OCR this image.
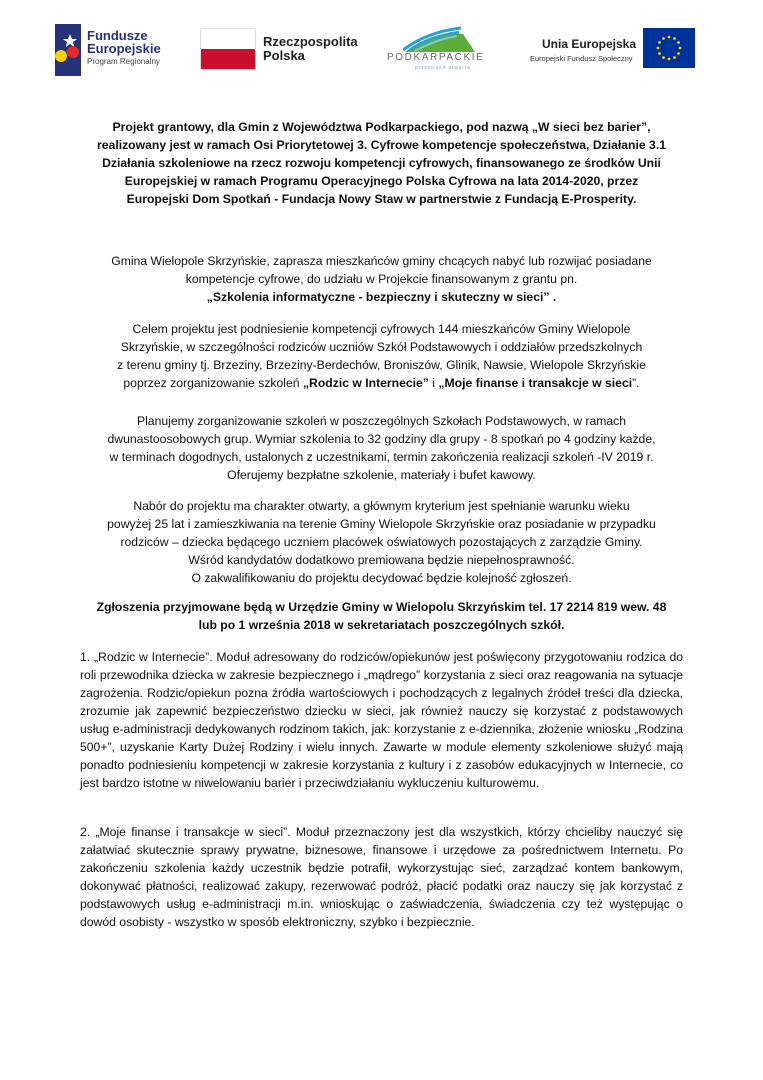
Fundusze
Europejskie
Program Regionalny
Rzeczpospolita
Polska	PODKARPACKIE
przestrzeń otwarta
Unia Europejska
Europejski Fundusz Społeczny

Projekt grantowy, dla Gmin z Województwa Podkarpackiego, pod nazwą „W sieci bez barier”,

realizowany jest w ramach Osi Priorytetowej 3. Cyfrowe kompetencje społeczeństwa, Działanie 3.1

Działania szkoleniowe na rzecz rozwoju kompetencji cyfrowych, finansowanego ze środków Unii

Europejskiej w ramach Programu Operacyjnego Polska Cyfrowa na lata 2014-2020, przez

Europejski Dom Spotkań - Fundacja Nowy Staw w partnerstwie z Fundacją E-Prosperity.

Gmina Wielopole Skrzyńskie, zaprasza mieszkańców gminy chcących nabyć lub rozwijać posiadane

kompetencje cyfrowe, do udziału w Projekcie finansowanym z grantu pn.

„Szkolenia informatyczne - bezpieczny i skuteczny w sieci” .

Celem projektu jest podniesienie kompetencji cyfrowych 144 mieszkańców Gminy Wielopole

Skrzyńskie, w szczególności rodziców uczniów Szkół Podstawowych i oddziałów przedszkolnych

z terenu gminy tj. Brzeziny, Brzeziny-Berdechów, Broniszów, Glinik, Nawsie, Wielopole Skrzyńskie

poprzez zorganizowanie szkoleń „Rodzic w Internecie” i „Moje finanse i transakcje w sieci”.

Planujemy zorganizowanie szkoleń w poszczególnych Szkołach Podstawowych, w ramach

dwunastoosobowych grup. Wymiar szkolenia to 32 godziny dla grupy - 8 spotkań po 4 godziny każde,

w terminach dogodnych, ustalonych z uczestnikami, termin zakończenia realizacji szkoleń -IV 2019 r.

Oferujemy bezpłatne szkolenie, materiały i bufet kawowy.

Nabór do projektu ma charakter otwarty, a głównym kryterium jest spełnianie warunku wieku

powyżej 25 lat i zamieszkiwania na terenie Gminy Wielopole Skrzyńskie oraz posiadanie w przypadku

rodziców – dziecka będącego uczniem placówek oświatowych pozostających z zarządzie Gminy.

Wśród kandydatów dodatkowo premiowana będzie niepełnosprawność.

O zakwalifikowaniu do projektu decydować będzie kolejność zgłoszeń.

Zgłoszenia przyjmowane będą w Urzędzie Gminy w Wielopolu Skrzyńskim tel. 17 2214 819 wew. 48

lub po 1 września 2018 w sekretariatach poszczególnych szkół.

1. „Rodzic w Internecie”. Moduł adresowany do rodziców/opiekunów jest poświęcony przygotowaniu rodzica do roli przewodnika dziecka w zakresie bezpiecznego i „mądrego” korzystania z sieci oraz reagowania na sytuacje zagrożenia. Rodzic/opiekun pozna źródła wartościowych i pochodzących z legalnych źródeł treści dla dziecka, zrozumie jak zapewnić bezpieczeństwo dziecku w sieci, jak również nauczy się korzystać z podstawowych usług e-administracji dedykowanych rodzinom takich, jak: korzystanie z e-dziennika, złożenie wniosku „Rodzina 500+”, uzyskanie Karty Dużej Rodziny i wielu innych. Zawarte w module elementy szkoleniowe służyć mają ponadto podniesieniu kompetencji w zakresie korzystania z kultury i z zasobów edukacyjnych w Internecie, co jest bardzo istotne w niwelowaniu barier i przeciwdziałaniu wykluczeniu kulturowemu.

2. „Moje finanse i transakcje w sieci”. Moduł przeznaczony jest dla wszystkich, którzy chcieliby nauczyć się załatwiać skutecznie sprawy prywatne, biznesowe, finansowe i urzędowe za pośrednictwem Internetu. Po zakończeniu szkolenia każdy uczestnik będzie potrafił, wykorzystując sieć, zarządzać kontem bankowym, dokonywać płatności, realizować zakupy, rezerwować podróż, płacić podatki oraz nauczy się jak korzystać z podstawowych usług e-administracji m.in. wnioskując o zaświadczenia, świadczenia czy też występując o dowód osobisty - wszystko w sposób elektroniczny, szybko i bezpiecznie.
